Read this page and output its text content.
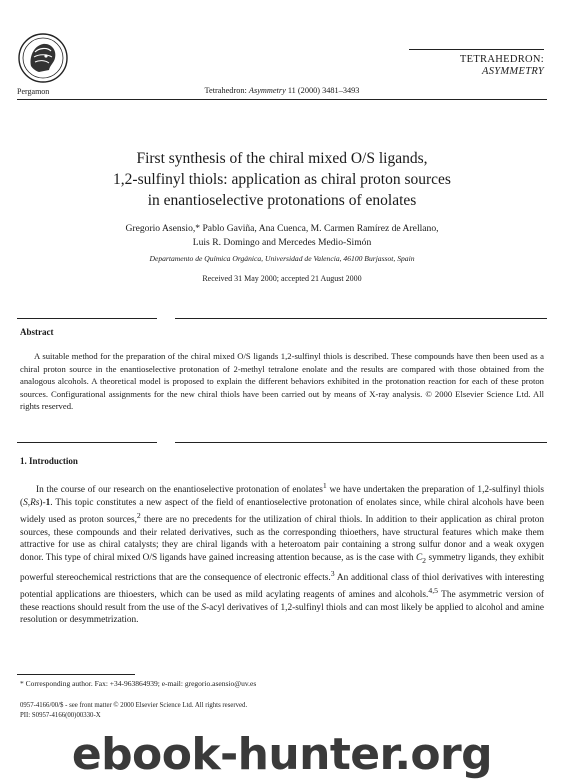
Pergamon	Tetrahedron: Asymmetry 11 (2000) 3481–3493
TETRAHEDRON:
ASYMMETRY
First synthesis of the chiral mixed O/S ligands,
1,2-sulfinyl thiols: application as chiral proton sources
in enantioselective protonations of enolates
Gregorio Asensio,* Pablo Gaviña, Ana Cuenca, M. Carmen Ramírez de Arellano,
Luis R. Domingo and Mercedes Medio-Simón
Departamento de Química Orgánica, Universidad de Valencia, 46100 Burjassot, Spain
Received 31 May 2000; accepted 21 August 2000
Abstract

A suitable method for the preparation of the chiral mixed O/S ligands 1,2-sulfinyl thiols is described. These compounds have then been used as a chiral proton source in the enantioselective protonation of 2-methyl tetralone enolate and the results are compared with those obtained from the analogous alcohols. A theoretical model is proposed to explain the different behaviors exhibited in the protonation reaction for each of these proton sources. Configurational assignments for the new chiral thiols have been carried out by means of X-ray analysis. © 2000 Elsevier Science Ltd. All rights reserved.

1. Introduction

In the course of our research on the enantioselective protonation of enolates$^1$ we have undertaken the preparation of 1,2-sulfinyl thiols (S,Rs)-1. This topic constitutes a new aspect of the field of enantioselective protonation of enolates since, while chiral alcohols have been widely used as proton sources,$^2$ there are no precedents for the utilization of chiral thiols. In addition to their application as chiral proton sources, these compounds and their related derivatives, such as the corresponding thioethers, have structural features which make them attractive for use as chiral catalysts; they are chiral ligands with a heteroatom pair containing a strong sulfur donor and a weak oxygen donor. This type of chiral mixed O/S ligands have gained increasing attention because, as is the case with $C_2$ symmetry ligands, they exhibit powerful stereochemical restrictions that are the consequence of electronic effects.$^3$ An additional class of thiol derivatives with interesting potential applications are thioesters, which can be used as mild acylating reagents of amines and alcohols.$^{4,5}$ The asymmetric version of these reactions should result from the use of the S-acyl derivatives of 1,2-sulfinyl thiols and can most likely be applied to alcohol and amine resolution or desymmetrization.

* Corresponding author. Fax: +34-963864939; e-mail: gregorio.asensio@uv.es
0957-4166/00/$ - see front matter © 2000 Elsevier Science Ltd. All rights reserved.
PII: S0957-4166(00)00330-X
ebook-hunter.org
